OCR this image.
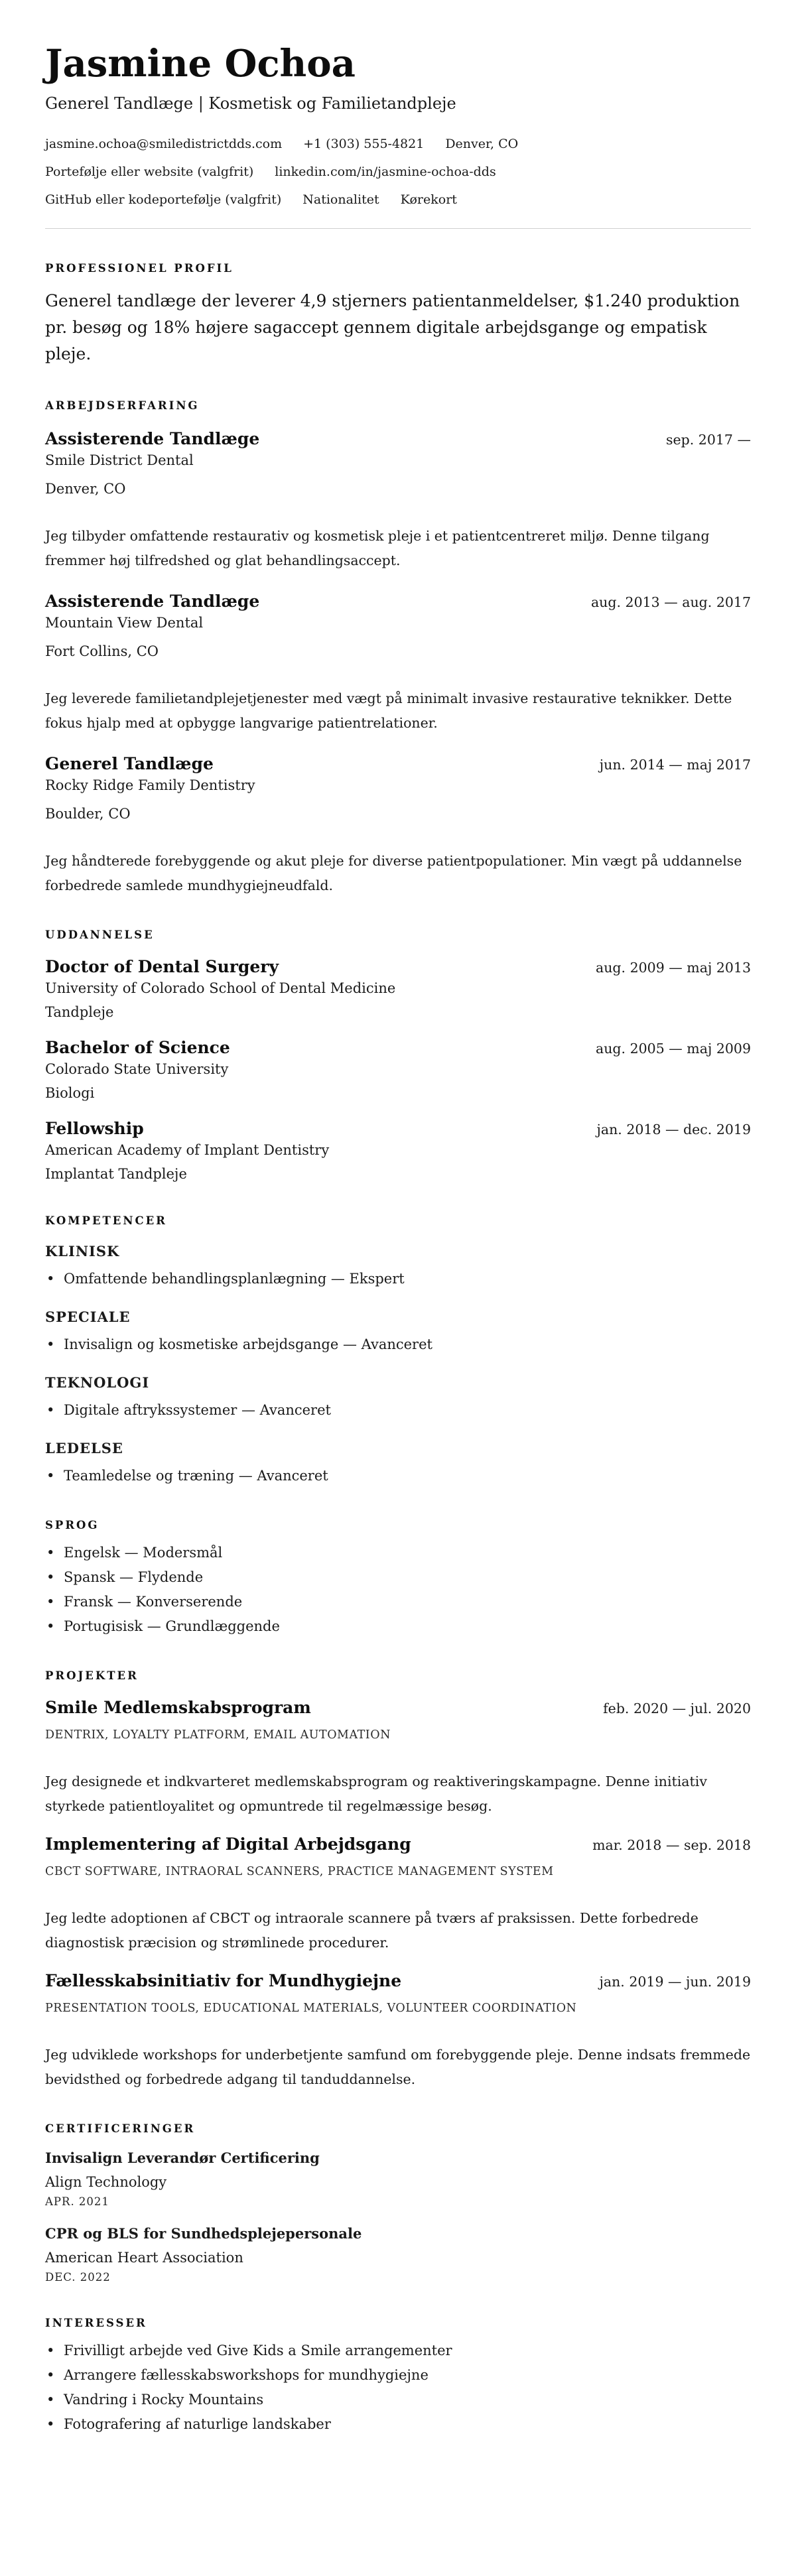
Jasmine Ochoa
Generel Tandlæge | Kosmetisk og Familietandpleje
jasmine.ochoa@smiledistrictdds.com +1 (303) 555-4821 Denver, CO
Portefølje eller website (valgfrit) linkedin.com/in/jasmine-ochoa-dds
GitHub eller kodeportefølje (valgfrit) Nationalitet Kørekort
PROFESSIONEL PROFIL

Generel tandlæge der leverer 4,9 stjerners patientanmeldelser, $1.240 produktion pr. besøg og 18% højere sagaccept gennem digitale arbejdsgange og empatisk pleje.

ARBEJDSERFARING
Assisterende Tandlæge	sep. 2017 —
Smile District Dental
Denver, CO

Jeg tilbyder omfattende restaurativ og kosmetisk pleje i et patientcentreret miljø. Denne tilgang fremmer høj tilfredshed og glat behandlingsaccept.

Assisterende Tandlæge	aug. 2013 — aug. 2017
Mountain View Dental
Fort Collins, CO

Jeg leverede familietandplejetjenester med vægt på minimalt invasive restaurative teknikker. Dette fokus hjalp med at opbygge langvarige patientrelationer.

Generel Tandlæge	jun. 2014 — maj 2017
Rocky Ridge Family Dentistry
Boulder, CO

Jeg håndterede forebyggende og akut pleje for diverse patientpopulationer. Min vægt på uddannelse forbedrede samlede mundhygiejneudfald.

UDDANNELSE
Doctor of Dental Surgery	aug. 2009 — maj 2013
University of Colorado School of Dental Medicine
Tandpleje
Bachelor of Science	aug. 2005 — maj 2009
Colorado State University
Biologi
Fellowship	jan. 2018 — dec. 2019
American Academy of Implant Dentistry
Implantat Tandpleje
KOMPETENCER
KLINISK
• Omfattende behandlingsplanlægning — Ekspert
SPECIALE
• Invisalign og kosmetiske arbejdsgange — Avanceret
TEKNOLOGI
• Digitale aftrykssystemer — Avanceret
LEDELSE
• Teamledelse og træning — Avanceret
SPROG
• Engelsk — Modersmål
• Spansk — Flydende
• Fransk — Konverserende
• Portugisisk — Grundlæggende
PROJEKTER
Smile Medlemskabsprogram	feb. 2020 — jul. 2020
DENTRIX, LOYALTY PLATFORM, EMAIL AUTOMATION

Jeg designede et indkvarteret medlemskabsprogram og reaktiveringskampagne. Denne initiativ styrkede patientloyalitet og opmuntrede til regelmæssige besøg.

Implementering af Digital Arbejdsgang	mar. 2018 — sep. 2018
CBCT SOFTWARE, INTRAORAL SCANNERS, PRACTICE MANAGEMENT SYSTEM

Jeg ledte adoptionen af CBCT og intraorale scannere på tværs af praksissen. Dette forbedrede diagnostisk præcision og strømlinede procedurer.

Fællesskabsinitiativ for Mundhygiejne	jan. 2019 — jun. 2019
PRESENTATION TOOLS, EDUCATIONAL MATERIALS, VOLUNTEER COORDINATION

Jeg udviklede workshops for underbetjente samfund om forebyggende pleje. Denne indsats fremmede bevidsthed og forbedrede adgang til tanduddannelse.

CERTIFICERINGER
Invisalign Leverandør Certificering
Align Technology
APR. 2021
CPR og BLS for Sundhedsplejepersonale
American Heart Association
DEC. 2022
INTERESSER
• Frivilligt arbejde ved Give Kids a Smile arrangementer
• Arrangere fællesskabsworkshops for mundhygiejne
• Vandring i Rocky Mountains
• Fotografering af naturlige landskaber
